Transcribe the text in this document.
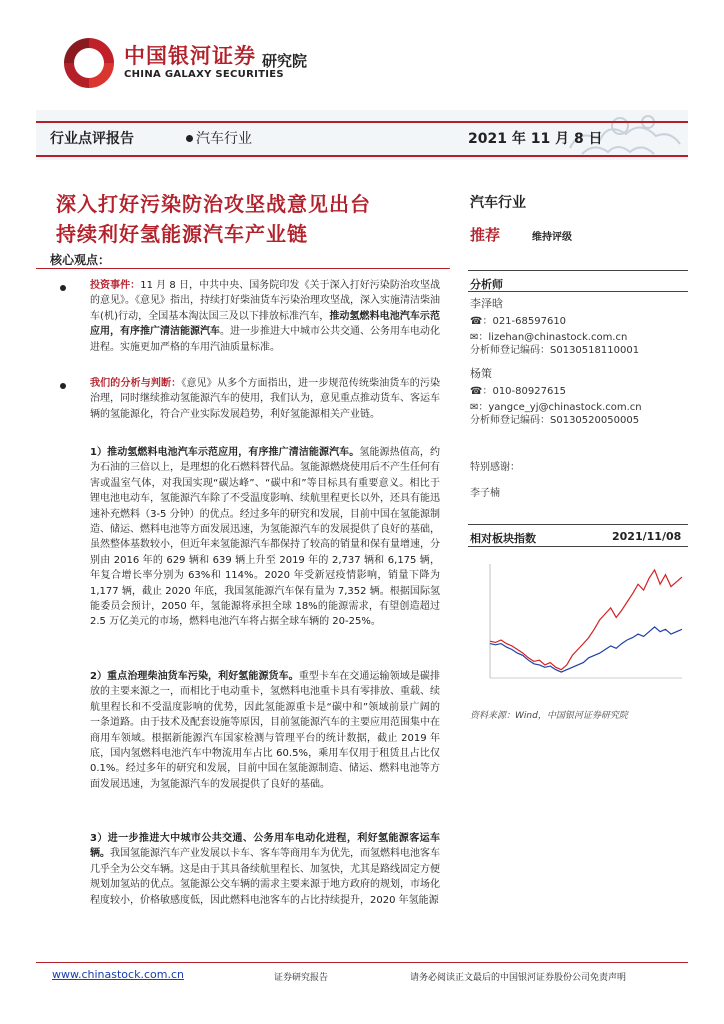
中国银河证券
CHINA GALAXY SECURITIES
研究院
行业点评报告	汽车行业	2021 年 11 月 8 日
深入打好污染防治攻坚战意见出台
持续利好氢能源汽车产业链
核心观点：
汽车行业
推荐	维持评级
分析师
李泽晗
☎：021-68597610
✉：lizehan@chinastock.com.cn
分析师登记编码：S0130518110001
杨策
☎：010-80927615
✉：yangce_yj@chinastock.com.cn
分析师登记编码：S0130520050005
特别感谢：
李子楠
相对板块指数	2021/11/08
资料来源：Wind，中国银河证券研究院
投资事件：11 月 8 日，中共中央、国务院印发《关于深入打好污染防治攻坚战的意见》。《意见》指出，持续打好柴油货车污染治理攻坚战，深入实施清洁柴油车(机)行动，全国基本淘汰国三及以下排放标准汽车，推动氢燃料电池汽车示范应用，有序推广清洁能源汽车。进一步推进大中城市公共交通、公务用车电动化进程。实施更加严格的车用汽油质量标准。
我们的分析与判断：《意见》从多个方面指出，进一步规范传统柴油货车的污染治理，同时继续推动氢能源汽车的使用，我们认为，意见重点推动货车、客运车辆的氢能源化，符合产业实际发展趋势，利好氢能源相关产业链。
1）推动氢燃料电池汽车示范应用，有序推广清洁能源汽车。氢能源热值高，约为石油的三倍以上，是理想的化石燃料替代品。氢能源燃烧使用后不产生任何有害或温室气体，对我国实现“碳达峰”、“碳中和”等目标具有重要意义。相比于锂电池电动车，氢能源汽车除了不受温度影响、续航里程更长以外，还具有能迅速补充燃料（3-5 分钟）的优点。经过多年的研究和发展，目前中国在氢能源制造、储运、燃料电池等方面发展迅速，为氢能源汽车的发展提供了良好的基础，虽然整体基数较小，但近年来氢能源汽车都保持了较高的销量和保有量增速，分别由 2016 年的 629 辆和 639 辆上升至 2019 年的 2,737 辆和 6,175 辆，年复合增长率分别为 63%和 114%。2020 年受新冠疫情影响，销量下降为 1,177 辆，截止 2020 年底，我国氢能源汽车保有量为 7,352 辆。根据国际氢能委员会预计，2050 年，氢能源将承担全球 18%的能源需求，有望创造超过 2.5 万亿美元的市场，燃料电池汽车将占据全球车辆的 20-25%。
2）重点治理柴油货车污染，利好氢能源货车。重型卡车在交通运输领域是碳排放的主要来源之一，而相比于电动重卡，氢燃料电池重卡具有零排放、重载、续航里程长和不受温度影响的优势，因此氢能源重卡是“碳中和”领域前景广阔的一条道路。由于技术及配套设施等原因，目前氢能源汽车的主要应用范围集中在商用车领域。根据新能源汽车国家检测与管理平台的统计数据，截止 2019 年底，国内氢燃料电池汽车中物流用车占比 60.5%，乘用车仅用于租赁且占比仅 0.1%。经过多年的研究和发展，目前中国在氢能源制造、储运、燃料电池等方面发展迅速，为氢能源汽车的发展提供了良好的基础。
3）进一步推进大中城市公共交通、公务用车电动化进程，利好氢能源客运车辆。我国氢能源汽车产业发展以卡车、客车等商用车为优先，而氢燃料电池客车几乎全为公交车辆。这是由于其具备续航里程长、加氢快，尤其是路线固定方便规划加氢站的优点。氢能源公交车辆的需求主要来源于地方政府的规划，市场化程度较小，价格敏感度低，因此燃料电池客车的占比持续提升，2020 年氢能源
www.chinastock.com.cn	证券研究报告	请务必阅读正文最后的中国银河证券股份公司免责声明
